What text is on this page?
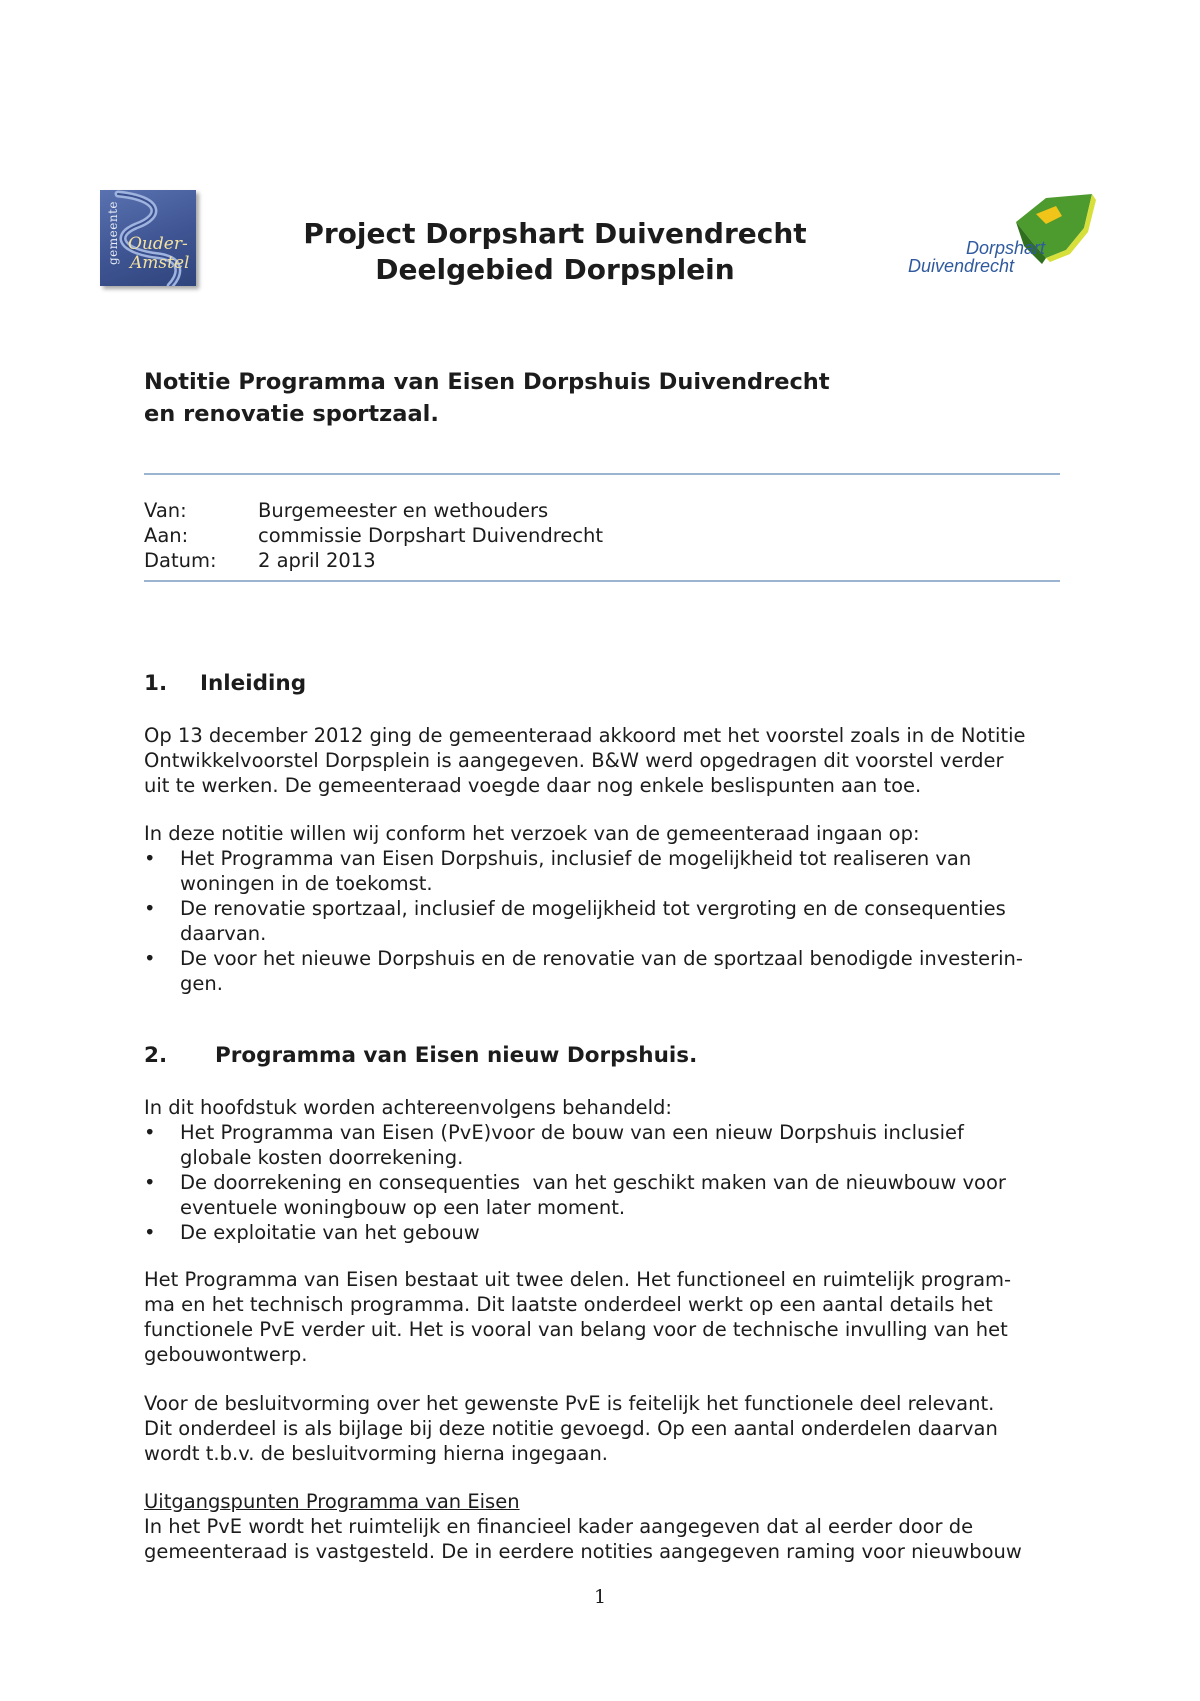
gemeente Ouder-
Amstel
Project Dorpshart Duivendrecht
Deelgebied Dorpsplein
Dorpshart
Duivendrecht
Notitie Programma van Eisen Dorpshuis Duivendrecht
en renovatie sportzaal.
Van:	Burgemeester en wethouders
Aan:	commissie Dorpshart Duivendrecht
Datum:	2 april 2013
1.	Inleiding
Op 13 december 2012 ging de gemeenteraad akkoord met het voorstel zoals in de Notitie
Ontwikkelvoorstel Dorpsplein is aangegeven. B&W werd opgedragen dit voorstel verder
uit te werken. De gemeenteraad voegde daar nog enkele beslispunten aan toe.
In deze notitie willen wij conform het verzoek van de gemeenteraad ingaan op:
•	Het Programma van Eisen Dorpshuis, inclusief de mogelijkheid tot realiseren van
woningen in de toekomst.
•	De renovatie sportzaal, inclusief de mogelijkheid tot vergroting en de consequenties
daarvan.
•	De voor het nieuwe Dorpshuis en de renovatie van de sportzaal benodigde investerin-
gen.
2.	Programma van Eisen nieuw Dorpshuis.
In dit hoofdstuk worden achtereenvolgens behandeld:
•	Het Programma van Eisen (PvE)voor de bouw van een nieuw Dorpshuis inclusief
globale kosten doorrekening.
•	De doorrekening en consequenties  van het geschikt maken van de nieuwbouw voor
eventuele woningbouw op een later moment.
•	De exploitatie van het gebouw
Het Programma van Eisen bestaat uit twee delen. Het functioneel en ruimtelijk program-
ma en het technisch programma. Dit laatste onderdeel werkt op een aantal details het
functionele PvE verder uit. Het is vooral van belang voor de technische invulling van het
gebouwontwerp.
Voor de besluitvorming over het gewenste PvE is feitelijk het functionele deel relevant.
Dit onderdeel is als bijlage bij deze notitie gevoegd. Op een aantal onderdelen daarvan
wordt t.b.v. de besluitvorming hierna ingegaan.
Uitgangspunten Programma van Eisen
In het PvE wordt het ruimtelijk en financieel kader aangegeven dat al eerder door de
gemeenteraad is vastgesteld. De in eerdere notities aangegeven raming voor nieuwbouw
1
